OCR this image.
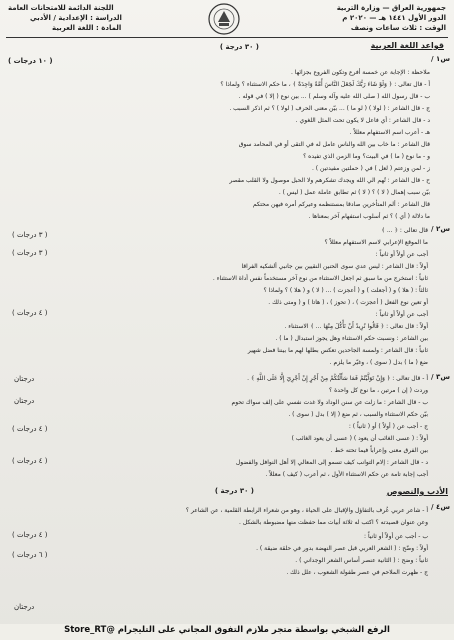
جمهورية العراق — وزارة التربية
الدور الأول ١٤٤١ هـ — ٢٠٢٠ م
الوقت : ثلاث ساعات ونصف
اللجنة الدائمة للامتحانات العامة
الدراسة : الإعدادية / الأدبي
المادة : اللغة العربية
قواعد اللغة العربية
( ٣٠ درجة )
س١ /
( ١٠ درجات )
ملاحظة : الإجابة عن خمسة أفرع وتكون الفروع بجزائها .
أ - قال تعالى : ﴿ وَلَوْ شَاءَ رَبُّكَ لَجَعَلَ النَّاسَ أُمَّةً وَاحِدَةً ﴾ ، ما حكم الاستثناء ؟ ولماذا ؟
ب - قال رسول الله ( صلى الله عليه وآله وسلم ) ... بين نوع ( إلا ) في قوله .
ج - قال الشاعر : ( لولا ) ( لو ما ) ... بيّن معنى الحرف ( لولا ) ؟ ثم اذكر السبب .
د - قال الشاعر : أي فاعل لا يكون تحت المثل اللغوي .
هـ - أعرب اسم الاستفهام معللاً .
قال الشاعر : ما خاب بين الله والناس عامل له في التقى أو في المحامد سوق
و - ما نوع ( ما ) في البيت؟ وما الزمن الذي تفيده ؟
ز - لمن وزعتم ( لعل ) في ( حملتين مفيدتين ) .
ح - قال الشاعر : تُهم الي الله ويجدك تشكرهم ولا الحبل موصول ولا القلب مقصر
بيّن سبب إهمال ( لا ) ؟ ( لا ) ثم تطابق عاملة عمل ( ليس ) .
قال الشاعر : ألم المتأخرين صادقا بمستنظمه وعيركم أمره فيهن محتكم
ما دلالة ( أي ) ؟ ثم أسلوب استفهام آخر بمعناها .
س٢ /
قال تعالى : ﴿ ... ﴾
( ٣ درجات )
ما الموقع الإعرابي لاسم الاستفهام معللاً ؟
( ٣ درجات )	أجب عن أولاً أو ثانياً :
أولاً : قال الشاعر : ليس عدي سوى الحنين النقيين بين جانبي ألشكيه الفراقا
ثانياً : استخرج من ما سبق ثم اجعل الاستثناء من نوع آخر مستخدماً نفس أداة الاستثناء .
ثالثاً : ( هلا ) و ( أجعلت ) و ( أعجزت ) ... ( لا ) و ( هلا ) ؟ ولماذا ؟
أو تعين نوع الفعل ( أعجزت ) ، ( تحوز ) ، ( هاتا ) و ( ومتى ذلك .
( ٤ درجات )	أجب عن أولاً أو ثانياً :
أولاً : قال تعالى : ﴿ قَالُوا نُرِيدُ أَنْ نَأْكُلَ مِنْهَا ... ﴾ الاستثناء .
بين الشاعر : ونسبت حكم الاستثناء وهل يجوز استبدال ( ما ) .
ثانياً : قال الشاعر : ولمسة الجاحدين تعكس بطلها لهم ما بيننا فضل شهير
ضع ( ما ) بدل ( سوى ) ، وغيّر ما يلزم .
س٣ /
درجتان	أ - قال تعالى : ﴿ وَإِنْ تَوَلَّيْتُمْ فَمَا سَأَلْتُكُمْ مِنْ أَجْرٍ إِنْ أَجْرِيَ إِلَّا عَلَى اللَّهِ ﴾ .
وردت ( إن ) مرتين ، ما نوع كل واحدة ؟
درجتان	ب - قال الشاعر : ما زلت عن سنن الوداد ولا غدت نفسي على إلف سواك تحوم
بيّن حكم الاستثناء والسبب ، ثم ضع ( إلا ) بدل ( سوى ) .
( ٤ درجات )	ج - أجب عن ( أولاً ) أو ( ثانياً ) :
أولاً : ( عسى الغائب أن يعود ) ( عسى أن يعود الغائب )
بين الفرق معنى وإعراباً فيما تحته خط .
( ٤ درجات )	د - قال الشاعر : إلام التوانب كيف تسمو إلى المعالي إلا أهل النوافل والفضول
أجب إجابة تامة عن حكم الاستثناء الأول ، ثم أعرب ( كيف ) معللاً .
الأدب والنصوص
( ٣٠ درجة )
س٤ /
أ - شاعر عربي عُرف بالتفاؤل والإقبال على الحياة ، وهو من شعراء الرابطة القلمية ، عن الشاعر ؟
وعن عنوان قصيدته ؟ اكتب له ثلاثة أبيات مما حفظت منها مضبوطة بالشكل .
( ٤ درجات )	ب - أجب عن أولاً أو ثانياً :
أولاً : وضّح : ( الشعر العربي قبل عصر النهضة بدور في حلقة ضيقة ) .
( ٦ درجات )
ثانياً : وضح : ( الثانية عنصر أساس الشعر الوجداني ) .
ج - ظهرت الملاحم في عصر طفولة الشعوب ، علل ذلك .
درجتان
الرفع الشبخي بواسطة متجر ملازم التفوق المجاني على التليجرام @Store_RT
